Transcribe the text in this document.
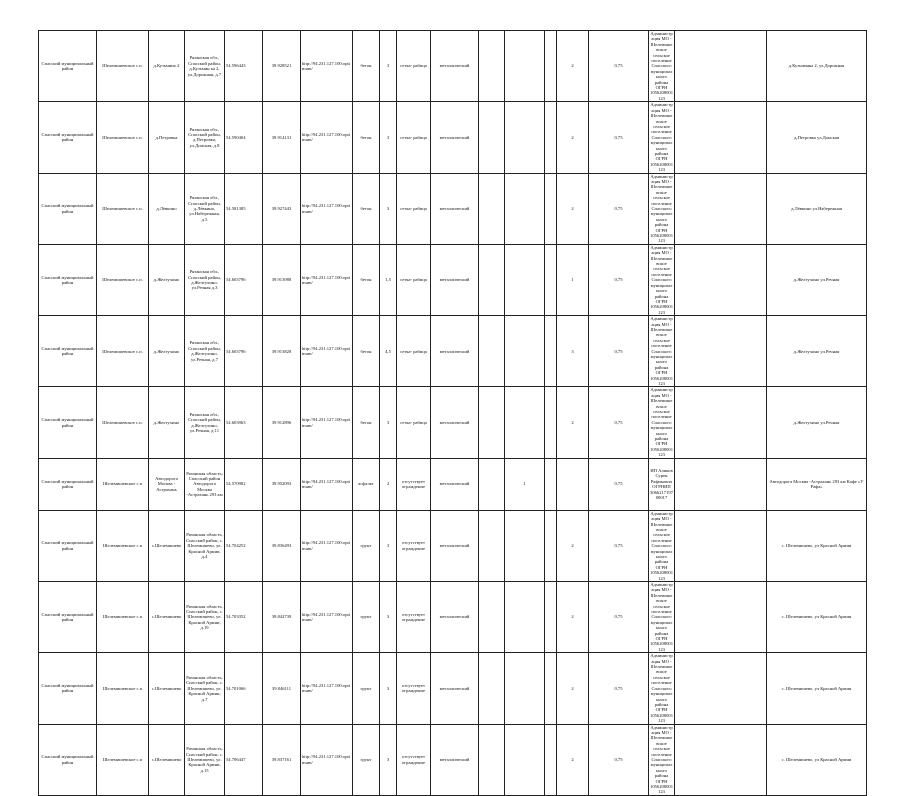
Спасский муниципальный район	Шелемишевское с.п.	д.Кузьмино 2	Рязанская обл., Спасский район, д.Кузьмин ка 2, ул.Дорожная, д.7	54.596443	39.928521	http://94.231.127.100:optimum/	бетон	3	сетка- рабица	металлический				2	0,75	Администрация МО - Шелемишевское сельское поселение Спасского муниципального района ОГРН 1056208001123		д.Кузьминка 2, ул.Дорожная
Спасский муниципальный район	Шелемишевское с.п.	д.Петровка	Рязанская обл., Спасский район, д.Петровка, ул.Донская, д.8	54.590404	39.914131	http://94.231.127.100:optimum/	бетон	3	сетка- рабица	металлический				2	0,75	Администрация МО - Шелемишевское сельское поселение Спасского муниципального района ОГРН 1056208001123		д.Петровка ул.Донская
Спасский муниципальный район	Шелемишевское с.п.	д.Лёвкино	Рязанская обл., Спасский район, д.Лёвкино, ул.Набережная, д.5	54.581385	39.927443	http://94.231.127.100:optimum/	бетон	3	сетка- рабица	металлический				2	0,75	Администрация МО - Шелемишевское сельское поселение Спасского муниципального района ОГРН 1056208001123		д.Лёвкино ул.Набережная
Спасский муниципальный район	Шелемишевское с.п.	д.Желтухино	Рязанская обл., Спасский район, д.Желтухино, ул.Речная д.3	54.603796	39.913988	http://94.231.127.100:optimum/	бетон	1,5	сетка- рабица	металлический				1	0,75	Администрация МО - Шелемишевское сельское поселение Спасского муниципального района ОГРН 1056208001123		д.Желтухино ул.Речная
Спасский муниципальный район	Шелемишевское с.п.	д.Желтухино	Рязанская обл., Спасский район, д.Желтухино, ул.Речная, д.7	54.603796	39.913828	http://94.231.127.100:optimum/	бетон	4,5	сетка- рабица	металлический				3	0,75	Администрация МО - Шелемишевское сельское поселение Спасского муниципального района ОГРН 1056208001123		д.Желтухино ул.Речная
Спасский муниципальный район	Шелемишевское с.п.	д.Желтухино	Рязанская обл., Спасский район, д.Желтухино, ул.Речная, д.11	54.603963	39.912896	http://94.231.127.100:optimum/	бетон	3	сетка- рабица	металлический				2	0,75	Администрация МО - Шелемишевское сельское поселение Спасского муниципального района ОГРН 1056208001123		д.Желтухино ул.Речная
Спасский муниципальный район	Шелемишевское с.п	Автодорога Москва - Астрахань	Рязанская область, Спасский район Автодорога Москва -Астрахань 293 км	54.570982	39.952093	http://94.231.127.100:optimum/	асфальт	2	отсутствует ограждение	металлический		1			0,75	ИП Аликов Сурен Рафикович ОГРНИП 306621719700017		Автодорога Москва -Астрахань 293 км Кафе «У Рафа»
Спасский муниципальный район	Шелемишевское с.п	с.Шелемишево	Рязанская область, Спасский район, с. Шелемишево, ул. Красной Армии, д.4	54.704252	39.836493	http://94.231.127.100:optimum/	грунт	3	отсутствует ограждение	металлический				2	0,75	Администрация МО - Шелемишевское сельское поселение Спасского муниципального района ОГРН 1056208001123		с. Шелемишево, ул Красной Армии
Спасский муниципальный район	Шелемишевское с.п	с.Шелемишево	Рязанская область, Спасский район, с. Шелемишево, ул. Красной Армии, д.19	54.703352	39.842739	http://94.231.127.100:optimum/	грунт	3	отсутствует ограждение	металлический				2	0,75	Администрация МО - Шелемишевское сельское поселение Спасского муниципального района ОГРН 1056208001123		с. Шелемишево, ул Красной Армии
Спасский муниципальный район	Шелемишевское с.п	с.Шелемишево	Рязанская область, Спасский район, с. Шелемишево, ул. Красной Армии, д.7	54.701066	39.846111	http://94.231.127.100:optimum/	грунт	3	отсутствует ограждение	металлический				2	0,75	Администрация МО - Шелемишевское сельское поселение Спасского муниципального района ОГРН 1056208001123		с. Шелемишево, ул Красной Армии
Спасский муниципальный район	Шелемишевское с.п	с.Шелемишево	Рязанская область, Спасский район, с. Шелемишево, ул. Красной Армии, д.15	54.706447	39.837161	http://94.231.127.100:optimum/	грунт	3	отсутствует ограждение	металлический				2	0,75	Администрация МО - Шелемишевское сельское поселение Спасского муниципального района ОГРН 1056208001123		с. Шелемишево, ул Красной Армии
